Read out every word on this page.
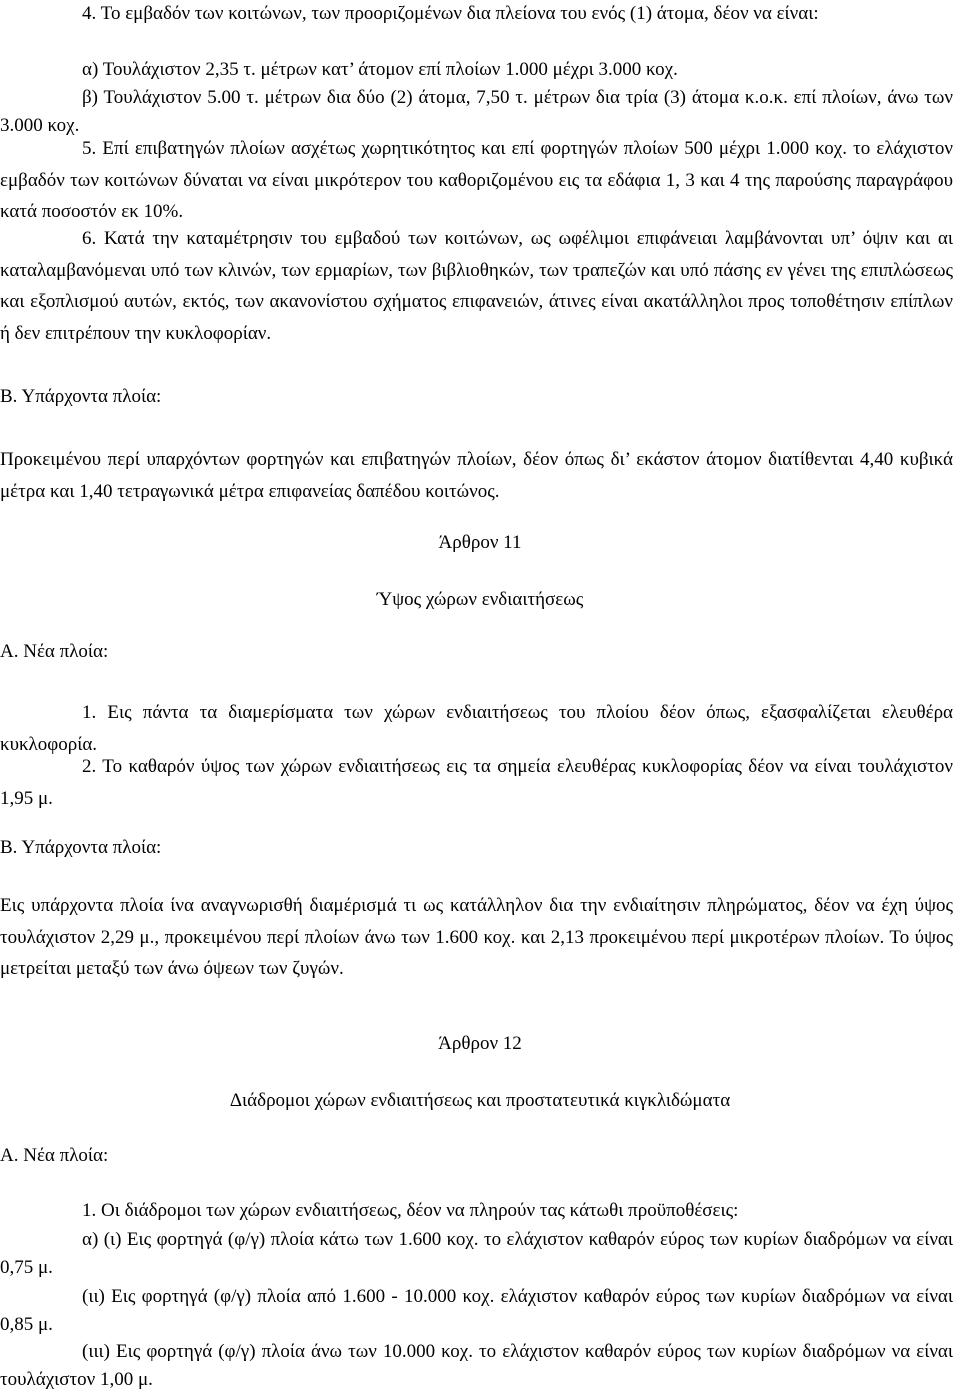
4. Το εμβαδόν των κοιτώνων, των προοριζομένων δια πλείονα του ενός (1) άτομα, δέον να είναι:

α) Τουλάχιστον 2,35 τ. μέτρων κατ’ άτομον επί πλοίων 1.000 μέχρι 3.000 κοχ.

β) Τουλάχιστον 5.00 τ. μέτρων δια δύο (2) άτομα, 7,50 τ. μέτρων δια τρία (3) άτομα κ.ο.κ. επί πλοίων, άνω των 3.000 κοχ.

5. Επί επιβατηγών πλοίων ασχέτως χωρητικότητος και επί φορτηγών πλοίων 500 μέχρι 1.000 κοχ. το ελάχιστον εμβαδόν των κοιτώνων δύναται να είναι μικρότερον του καθοριζομένου εις τα εδάφια 1, 3 και 4 της παρούσης παραγράφου κατά ποσοστόν εκ 10%.

6. Κατά την καταμέτρησιν του εμβαδού των κοιτώνων, ως ωφέλιμοι επιφάνειαι λαμβάνονται υπ’ όψιν και αι καταλαμβανόμεναι υπό των κλινών, των ερμαρίων, των βιβλιοθηκών, των τραπεζών και υπό πάσης εν γένει της επιπλώσεως και εξοπλισμού αυτών, εκτός, των ακανονίστου σχήματος επιφανειών, άτινες είναι ακατάλληλοι προς τοποθέτησιν επίπλων ή δεν επιτρέπουν την κυκλοφορίαν.

Β. Υπάρχοντα πλοία:

Προκειμένου περί υπαρχόντων φορτηγών και επιβατηγών πλοίων, δέον όπως δι’ εκάστον άτομον διατίθενται 4,40 κυβικά μέτρα και 1,40 τετραγωνικά μέτρα επιφανείας δαπέδου κοιτώνος.

Άρθρον 11

Ύψος χώρων ενδιαιτήσεως

Α. Νέα πλοία:

1. Εις πάντα τα διαμερίσματα των χώρων ενδιαιτήσεως του πλοίου δέον όπως, εξασφαλίζεται ελευθέρα κυκλοφορία.

2. Το καθαρόν ύψος των χώρων ενδιαιτήσεως εις τα σημεία ελευθέρας κυκλοφορίας δέον να είναι τουλάχιστον 1,95 μ.

Β. Υπάρχοντα πλοία:

Εις υπάρχοντα πλοία ίνα αναγνωρισθή διαμέρισμά τι ως κατάλληλον δια την ενδιαίτησιν πληρώματος, δέον να έχη ύψος τουλάχιστον 2,29 μ., προκειμένου περί πλοίων άνω των 1.600 κοχ. και 2,13 προκειμένου περί μικροτέρων πλοίων. Το ύψος μετρείται μεταξύ των άνω όψεων των ζυγών.

Άρθρον 12

Διάδρομοι χώρων ενδιαιτήσεως και προστατευτικά κιγκλιδώματα

Α. Νέα πλοία:

1. Οι διάδρομοι των χώρων ενδιαιτήσεως, δέον να πληρούν τας κάτωθι προϋποθέσεις:

α) (ι) Εις φορτηγά (φ/γ) πλοία κάτω των 1.600 κοχ. το ελάχιστον καθαρόν εύρος των κυρίων διαδρόμων να είναι 0,75 μ.

(ιι) Εις φορτηγά (φ/γ) πλοία από 1.600 - 10.000 κοχ. ελάχιστον καθαρόν εύρος των κυρίων διαδρόμων να είναι 0,85 μ.

(ιιι) Εις φορτηγά (φ/γ) πλοία άνω των 10.000 κοχ. το ελάχιστον καθαρόν εύρος των κυρίων διαδρόμων να είναι τουλάχιστον 1,00 μ.
